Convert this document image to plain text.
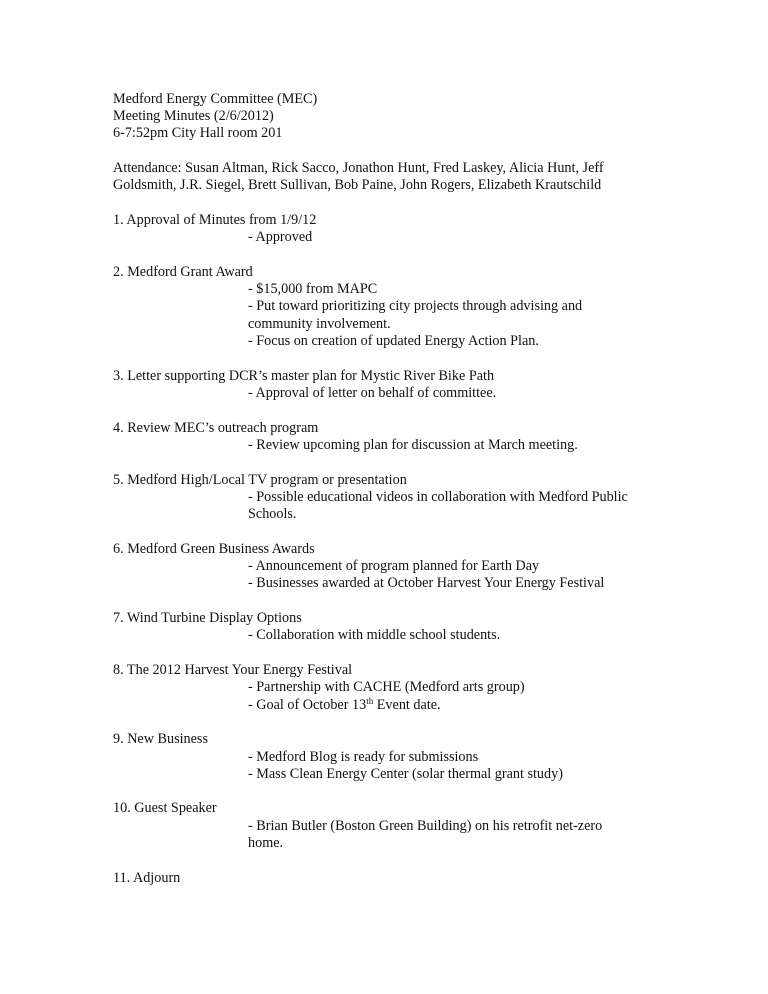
Medford Energy Committee (MEC)
Meeting Minutes (2/6/2012)
6-7:52pm City Hall room 201
Attendance: Susan Altman, Rick Sacco, Jonathon Hunt, Fred Laskey, Alicia Hunt, Jeff
Goldsmith, J.R. Siegel, Brett Sullivan, Bob Paine, John Rogers, Elizabeth Krautschild
1. Approval of Minutes from 1/9/12
- Approved
2. Medford Grant Award
- $15,000 from MAPC
- Put toward prioritizing city projects through advising and
community involvement.
- Focus on creation of updated Energy Action Plan.
3. Letter supporting DCR’s master plan for Mystic River Bike Path
- Approval of letter on behalf of committee.
4. Review MEC’s outreach program
- Review upcoming plan for discussion at March meeting.
5. Medford High/Local TV program or presentation
- Possible educational videos in collaboration with Medford Public
Schools.
6. Medford Green Business Awards
- Announcement of program planned for Earth Day
- Businesses awarded at October Harvest Your Energy Festival
7. Wind Turbine Display Options
- Collaboration with middle school students.
8. The 2012 Harvest Your Energy Festival
- Partnership with CACHE (Medford arts group)
- Goal of October 13th Event date.
9. New Business
- Medford Blog is ready for submissions
- Mass Clean Energy Center (solar thermal grant study)
10. Guest Speaker
- Brian Butler (Boston Green Building) on his retrofit net-zero
home.
11. Adjourn
